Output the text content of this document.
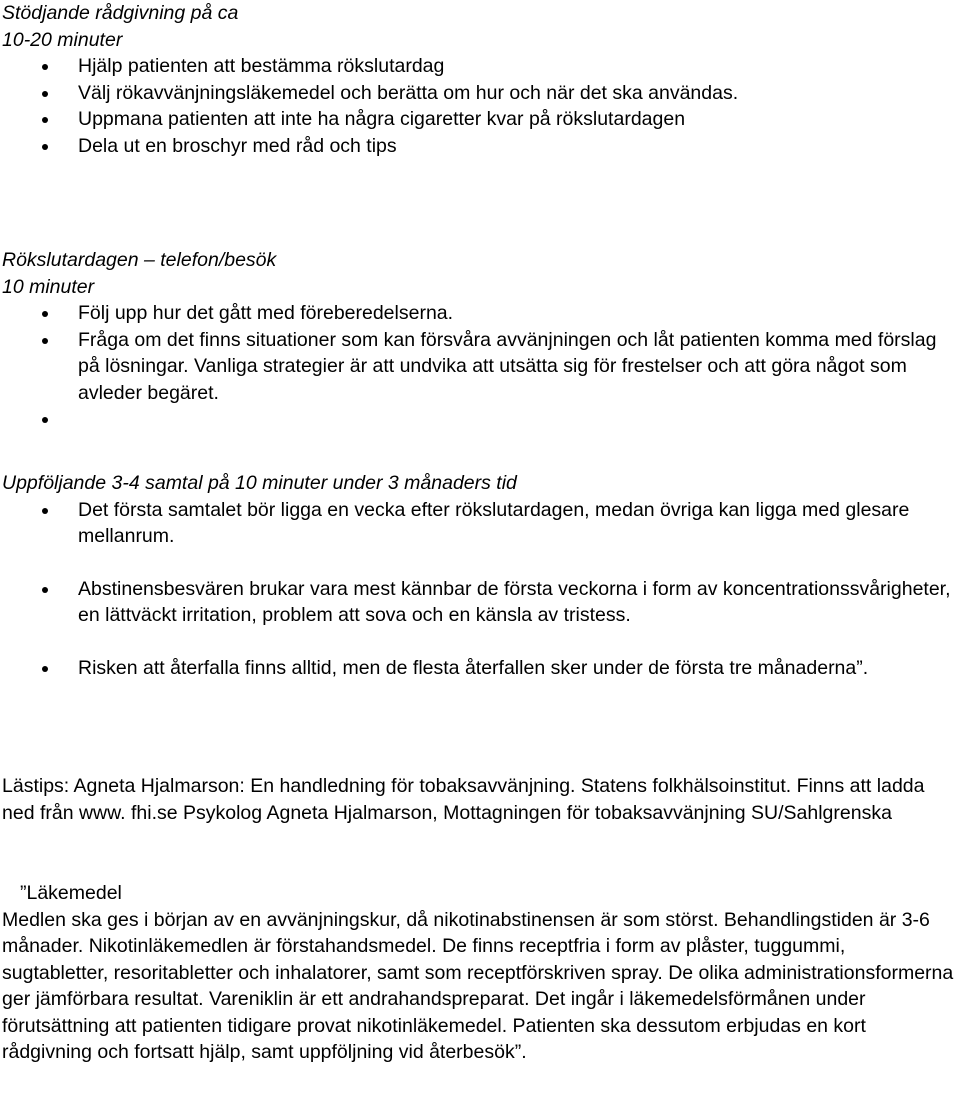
Stödjande rådgivning på ca
10-20 minuter
Hjälp patienten att bestämma rökslutardag
Välj rökavvänjningsläkemedel och berätta om hur och när det ska användas.
Uppmana patienten att inte ha några cigaretter kvar på rökslutardagen
Dela ut en broschyr med råd och tips
Rökslutardagen – telefon/besök
10 minuter
Följ upp hur det gått med föreberedelserna.
Fråga om det finns situationer som kan försvåra avvänjningen och låt patienten komma med förslag på lösningar. Vanliga strategier är att undvika att utsätta sig för frestelser och att göra något som avleder begäret.

Uppföljande 3-4 samtal på 10 minuter under 3 månaders tid
Det första samtalet bör ligga en vecka efter rökslutardagen, medan övriga kan ligga med glesare mellanrum.
Abstinensbesvären brukar vara mest kännbar de första veckorna i form av koncentrationssvårigheter, en lättväckt irritation, problem att sova och en känsla av tristess.
Risken att återfalla finns alltid, men de flesta återfallen sker under de första tre månaderna”.
Lästips: Agneta Hjalmarson: En handledning för tobaksavvänjning. Statens folkhälsoinstitut. Finns att ladda ned från www. fhi.se Psykolog Agneta Hjalmarson, Mottagningen för tobaksavvänjning SU/Sahlgrenska
”Läkemedel
Medlen ska ges i början av en avvänjningskur, då nikotinabstinensen är som störst. Behandlingstiden är 3-6 månader. Nikotinläkemedlen är förstahandsmedel. De finns receptfria i form av plåster, tuggummi, sugtabletter, resoritabletter och inhalatorer, samt som receptförskriven spray. De olika administrationsformerna ger jämförbara resultat. Vareniklin är ett andrahandspreparat. Det ingår i läkemedelsförmånen under förutsättning att patienten tidigare provat nikotinläkemedel. Patienten ska dessutom erbjudas en kort rådgivning och fortsatt hjälp, samt uppföljning vid återbesök”.
